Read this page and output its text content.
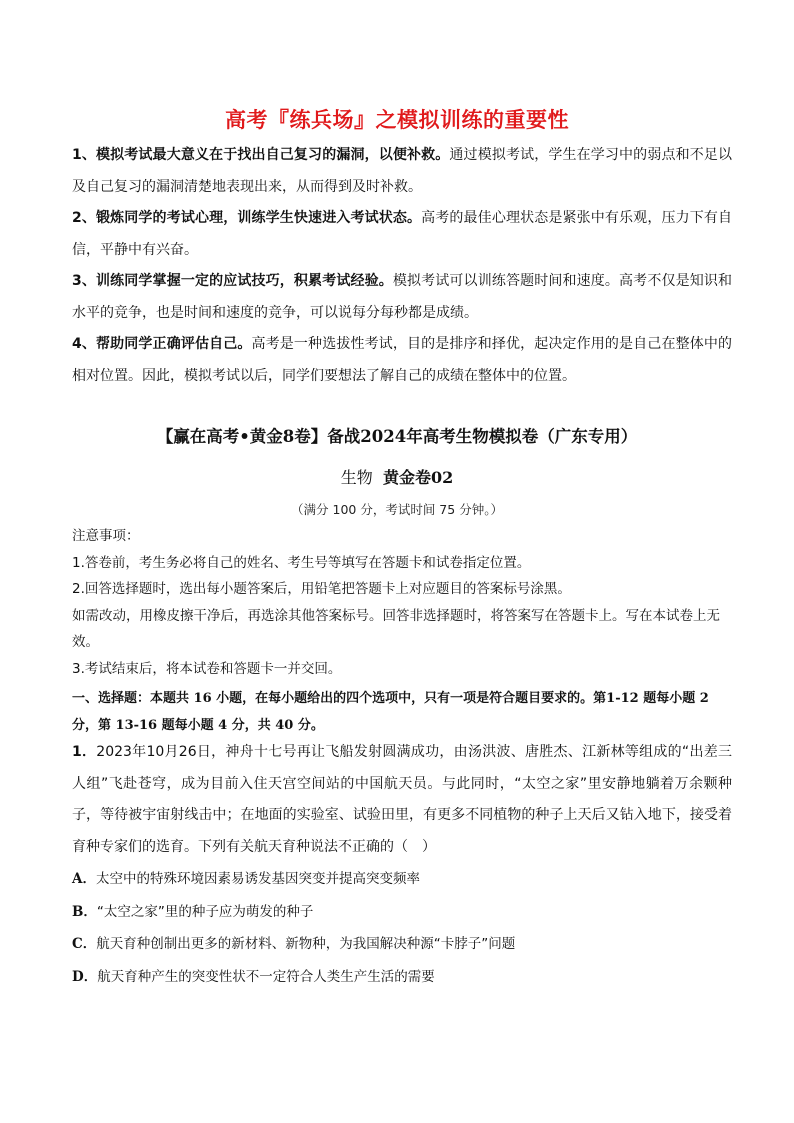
高考『练兵场』之模拟训练的重要性

1、模拟考试最大意义在于找出自己复习的漏洞，以便补救。通过模拟考试，学生在学习中的弱点和不足以及自己复习的漏洞清楚地表现出来，从而得到及时补救。

2、锻炼同学的考试心理，训练学生快速进入考试状态。高考的最佳心理状态是紧张中有乐观，压力下有自信，平静中有兴奋。

3、训练同学掌握一定的应试技巧，积累考试经验。模拟考试可以训练答题时间和速度。高考不仅是知识和水平的竞争，也是时间和速度的竞争，可以说每分每秒都是成绩。

4、帮助同学正确评估自己。高考是一种选拔性考试，目的是排序和择优，起决定作用的是自己在整体中的相对位置。因此，模拟考试以后，同学们要想法了解自己的成绩在整体中的位置。

【赢在高考•黄金8卷】备战2024年高考生物模拟卷（广东专用）
生物 黄金卷02
（满分 100 分，考试时间 75 分钟。）

注意事项：

1.答卷前，考生务必将自己的姓名、考生号等填写在答题卡和试卷指定位置。

2.回答选择题时，选出每小题答案后，用铅笔把答题卡上对应题目的答案标号涂黑。

如需改动，用橡皮擦干净后，再选涂其他答案标号。回答非选择题时，将答案写在答题卡上。写在本试卷上无效。

3.考试结束后，将本试卷和答题卡一并交回。

一、选择题：本题共 16 小题，在每小题给出的四个选项中，只有一项是符合题目要求的。第1-12 题每小题 2 分，第 13-16 题每小题 4 分，共 40 分。

1．2023年10月26日，神舟十七号再让飞船发射圆满成功，由汤洪波、唐胜杰、江新林等组成的“出差三人组”飞赴苍穹，成为目前入住天宫空间站的中国航天员。与此同时，“太空之家”里安静地躺着万余颗种子，等待被宇宙射线击中；在地面的实验室、试验田里，有更多不同植物的种子上天后又钻入地下，接受着育种专家们的选育。下列有关航天育种说法不正确的（　）

A．太空中的特殊环境因素易诱发基因突变并提高突变频率

B．“太空之家”里的种子应为萌发的种子

C．航天育种创制出更多的新材料、新物种，为我国解决种源“卡脖子”问题

D．航天育种产生的突变性状不一定符合人类生产生活的需要
